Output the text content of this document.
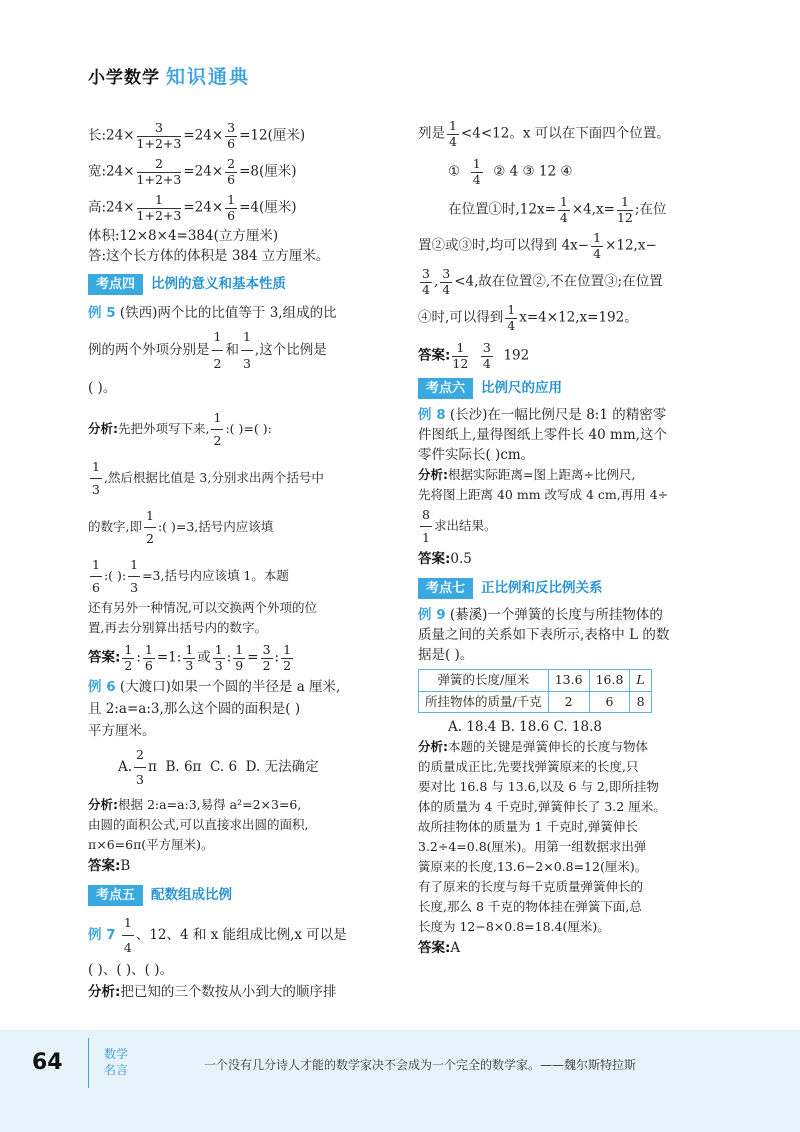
小学数学 知识通典
长:24× $\frac{3}{1+2+3} =24\times \frac{3}{6} =12$(厘米)
宽:24× $\frac{2}{1+2+3} =24\times \frac{2}{6} =8$(厘米)
高:24× $\frac{1}{1+2+3} =24\times \frac{1}{6} =4$(厘米)

体积:12×8×4=384(立方厘米)

答:这个长方体的体积是 384 立方厘米。

考点四	比例的意义和基本性质
例 5 (铁西)两个比的比值等于 3,组成的比
例的两个外项分别是 $\frac{1}{2}$ 和 $\frac{1}{3}$ ,这个比例是
( )。
分析:先把外项写下来, $\frac{1}{2}$ :( )=( ):
$\frac{1}{3}$ ,然后根据比值是 3,分别求出两个括号中
的数字,即 $\frac{1}{2}$ :( )=3,括号内应该填
$\frac{1}{6}$ :( ): $\frac{1}{3} =3$,括号内应该填 1。本题
还有另外一种情况,可以交换两个外项的位
置,再去分别算出括号内的数字。
答案: $\frac{1}{2}$ : $\frac{1}{6} =1$: $\frac{1}{3}$ 或 $\frac{1}{3}$ : $\frac{1}{9} = \frac{3}{2}$ : $\frac{1}{2}$
例 6 (大渡口)如果一个圆的半径是 a 厘米,
且 2:a=a:3,那么这个圆的面积是( )
平方厘米。
A. $\frac{2}{3}$ π B. 6π C. 6 D. 无法确定
分析:根据 2:a=a:3,易得 a²=2×3=6,
由圆的面积公式,可以直接求出圆的面积,
π×6=6π(平方厘米)。
答案:B
考点五	配数组成比例
例 $7 \frac{1}{4}$ 、12、4 和 x 能组成比例,x 可以是
( )、( )、( )。
分析:把已知的三个数按从小到大的顺序排
列是 $\frac{1}{4} <4<12$。x 可以在下面四个位置。
① $\frac{1}{4}$ ② 4 ③ 12 ④
在位置①时$,12x= \frac{1}{4} \times 4,x= \frac{1}{12}$ ;在位
置②或③时,均可以得到 $4x- \frac{1}{4} \times 12,x-$
$\frac{3}{4}$ , $\frac{3}{4} <4$,故在位置②,不在位置③;在位置
④时,可以得到 $\frac{1}{4} x=4\times 12,x=192$。
答案: $\frac{1}{12}$
$\frac{3}{4} 192$
考点六	比例尺的应用
例 8 (长沙)在一幅比例尺是 8:1 的精密零
件图纸上,量得图纸上零件长 40 mm,这个
零件实际长( )cm。
分析:根据实际距离=图上距离÷比例尺,
先将图上距离 40 mm 改写成 4 cm,再用 4÷
$\frac{8}{1}$ 求出结果。
答案:0.5
考点七	正比例和反比例关系
例 9 (綦溪)一个弹簧的长度与所挂物体的
质量之间的关系如下表所示,表格中 L 的数
据是( )。
弹簧的长度/厘米	13.6	16.8	L
所挂物体的质量/千克	2	6	8
A. 18.4 B. 18.6 C. 18.8
分析:本题的关键是弹簧伸长的长度与物体
的质量成正比,先要找弹簧原来的长度,只
要对比 16.8 与 13.6,以及 6 与 2,即所挂物
体的质量为 4 千克时,弹簧伸长了 3.2 厘米。
故所挂物体的质量为 1 千克时,弹簧伸长
3.2÷4=0.8(厘米)。用第一组数据求出弹
簧原来的长度,13.6−2×0.8=12(厘米)。
有了原来的长度与每千克质量弹簧伸长的
长度,那么 8 千克的物体挂在弹簧下面,总
长度为 12−8×0.8=18.4(厘米)。
答案:A
64	数学
名言	一个没有几分诗人才能的数学家决不会成为一个完全的数学家。——魏尔斯特拉斯
